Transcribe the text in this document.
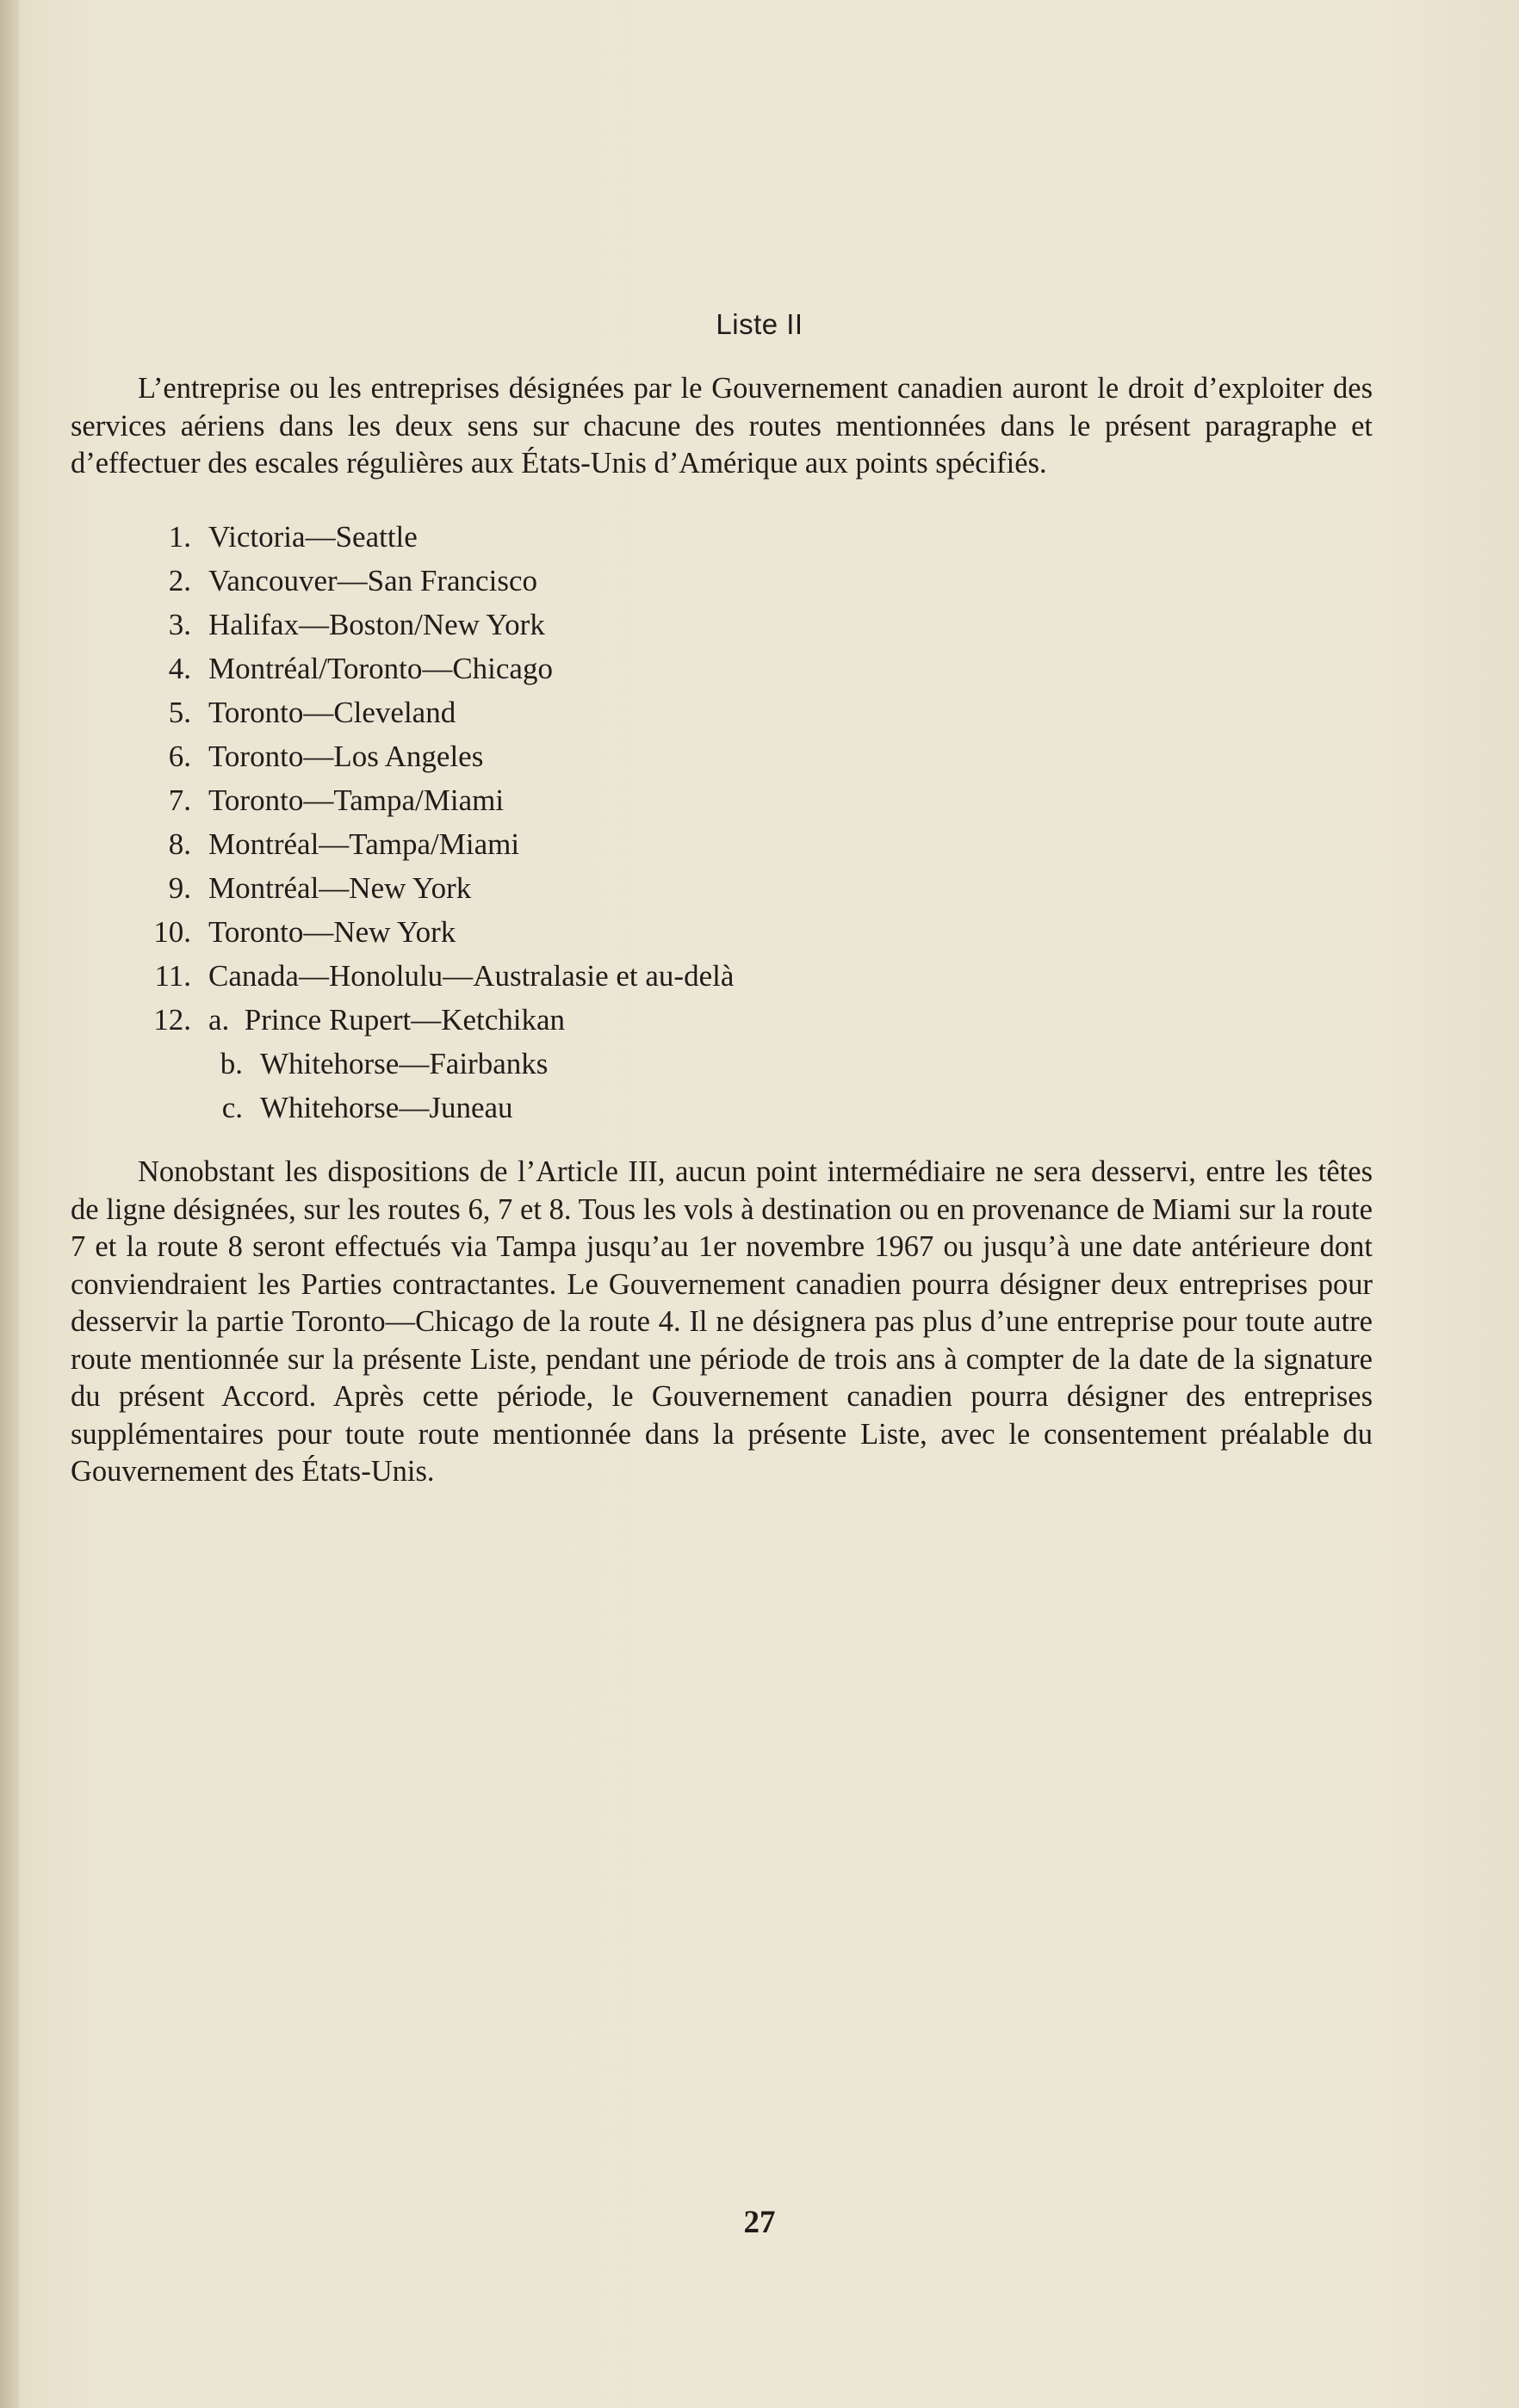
Liste II
L’entreprise ou les entreprises désignées par le Gouvernement canadien auront le droit d’exploiter des services aériens dans les deux sens sur chacune des routes mentionnées dans le présent paragraphe et d’effectuer des escales régulières aux États-Unis d’Amérique aux points spécifiés.
1. Victoria—Seattle
2. Vancouver—San Francisco
3. Halifax—Boston/New York
4. Montréal/Toronto—Chicago
5. Toronto—Cleveland
6. Toronto—Los Angeles
7. Toronto—Tampa/Miami
8. Montréal—Tampa/Miami
9. Montréal—New York
10. Toronto—New York
11. Canada—Honolulu—Australasie et au-delà
12. a.  Prince Rupert—Ketchikan
b. Whitehorse—Fairbanks
c. Whitehorse—Juneau
Nonobstant les dispositions de l’Article III, aucun point intermédiaire ne sera desservi, entre les têtes de ligne désignées, sur les routes 6, 7 et 8. Tous les vols à destination ou en provenance de Miami sur la route 7 et la route 8 seront effectués via Tampa jusqu’au 1er novembre 1967 ou jusqu’à une date antérieure dont conviendraient les Parties contractantes. Le Gouvernement canadien pourra désigner deux entreprises pour desservir la partie Toronto—Chicago de la route 4. Il ne désignera pas plus d’une entreprise pour toute autre route mentionnée sur la présente Liste, pendant une période de trois ans à compter de la date de la signature du présent Accord. Après cette période, le Gouvernement canadien pourra désigner des entreprises supplémentaires pour toute route mentionnée dans la présente Liste, avec le consentement préalable du Gouvernement des États-Unis.
27
